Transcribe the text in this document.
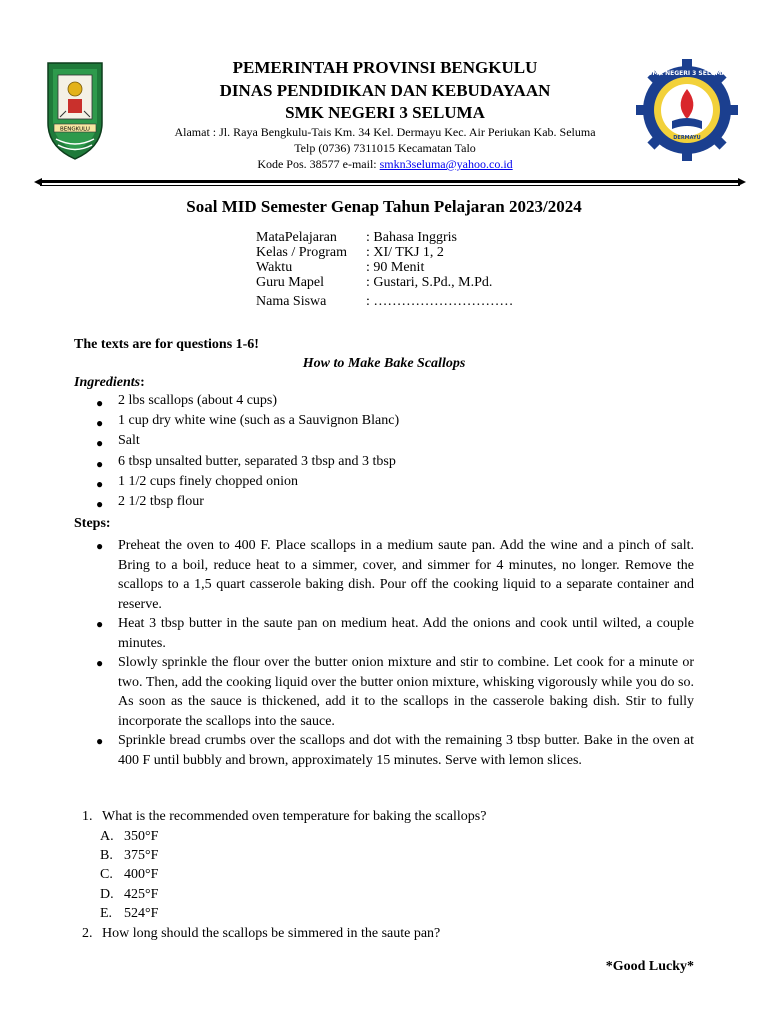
BENGKULU
SMK NEGERI 3 SELUMA
DERMAYU
PEMERINTAH PROVINSI BENGKULU
DINAS PENDIDIKAN DAN KEBUDAYAAN
SMK NEGERI 3 SELUMA
Alamat : Jl. Raya Bengkulu-Tais Km. 34 Kel. Dermayu Kec. Air Periukan Kab. Seluma
Telp (0736) 7311015 Kecamatan Talo
Kode Pos. 38577 e-mail: smkn3seluma@yahoo.co.id
Soal MID Semester Genap Tahun Pelajaran 2023/2024
MataPelajaran	: Bahasa Inggris
Kelas / Program	: XI/ TKJ 1, 2
Waktu	: 90 Menit
Guru Mapel	: Gustari, S.Pd., M.Pd.
Nama Siswa	: …………………………
The texts are for questions 1-6!
How to Make Bake Scallops
Ingredients:
● 2 lbs scallops (about 4 cups)
● 1 cup dry white wine (such as a Sauvignon Blanc)
● Salt
● 6 tbsp unsalted butter, separated 3 tbsp and 3 tbsp
● 1 1/2 cups finely chopped onion
● 2 1/2 tbsp flour
Steps:
● Preheat the oven to 400 F. Place scallops in a medium saute pan. Add the wine and a pinch of salt. Bring to a boil, reduce heat to a simmer, cover, and simmer for 4 minutes, no longer. Remove the scallops to a 1,5 quart casserole baking dish. Pour off the cooking liquid to a separate container and reserve.
● Heat 3 tbsp butter in the saute pan on medium heat. Add the onions and cook until wilted, a couple minutes.
● Slowly sprinkle the flour over the butter onion mixture and stir to combine. Let cook for a minute or two. Then, add the cooking liquid over the butter onion mixture, whisking vigorously while you do so. As soon as the sauce is thickened, add it to the scallops in the casserole baking dish. Stir to fully incorporate the scallops into the sauce.
● Sprinkle bread crumbs over the scallops and dot with the remaining 3 tbsp butter. Bake in the oven at 400 F until bubbly and brown, approximately 15 minutes. Serve with lemon slices.
1. What is the recommended oven temperature for baking the scallops?
A. 350°F
B. 375°F
C. 400°F
D. 425°F
E. 524°F
2. How long should the scallops be simmered in the saute pan?
*Good Lucky*
